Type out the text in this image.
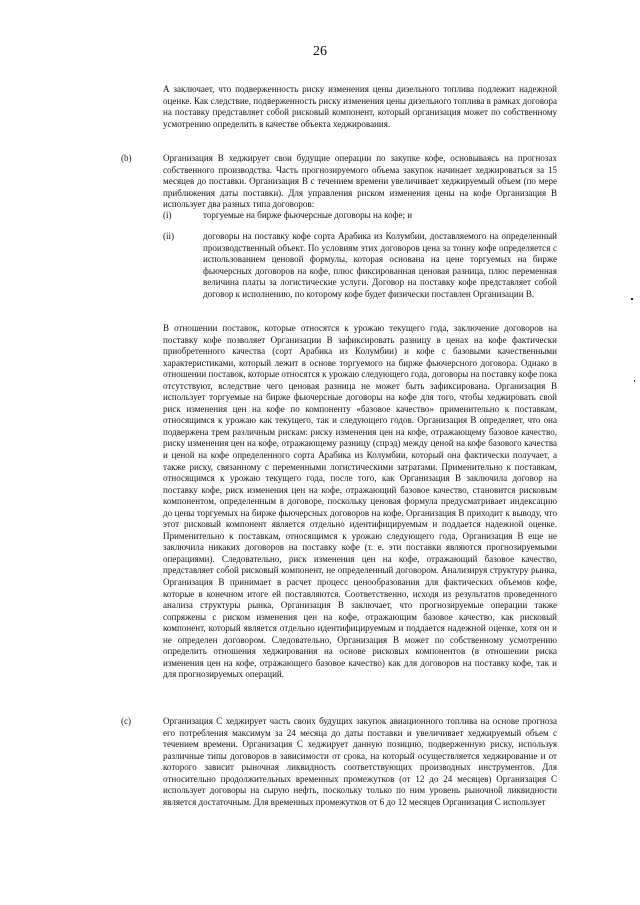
26

А заключает, что подверженность риску изменения цены дизельного топлива подлежит надежной оценке. Как следствие, подверженность риску изменения цены дизельного топлива в рамках договора на поставку представляет собой рисковый компонент, который организация может по собственному усмотрению определить в качестве объекта хеджирования.

(b)	Организация В хеджирует свои будущие операции по закупке кофе, основываясь на прогнозах собственного производства. Часть прогнозируемого объема закупок начинает хеджироваться за 15 месяцев до поставки. Организация В с течением времени увеличивает хеджируемый объем (по мере приближения даты поставки). Для управления риском изменения цены на кофе Организация В использует два разных типа договоров:

(i)	торгуемые на бирже фьючерсные договоры на кофе; и

(ii)	договоры на поставку кофе сорта Арабика из Колумбии, доставляемого на определенный производственный объект. По условиям этих договоров цена за тонну кофе определяется с использованием ценовой формулы, которая основана на цене торгуемых на бирже фьючерсных договоров на кофе, плюс фиксированная ценовая разница, плюс переменная величина платы за логистические услуги. Договор на поставку кофе представляет собой договор к исполнению, по которому кофе будет физически поставлен Организации В.

В отношении поставок, которые относятся к урожаю текущего года, заключение договоров на поставку кофе позволяет Организации В зафиксировать разницу в ценах на кофе фактически приобретенного качества (сорт Арабика из Колумбии) и кофе с базовыми качественными характеристиками, который лежит в основе торгуемого на бирже фьючерсного договора. Однако в отношении поставок, которые относятся к урожаю следующего года, договоры на поставку кофе пока отсутствуют, вследствие чего ценовая разница не может быть зафиксирована. Организация В использует торгуемые на бирже фьючерсные договоры на кофе для того, чтобы хеджировать свой риск изменения цен на кофе по компоненту «базовое качество» применительно к поставкам, относящимся к урожаю как текущего, так и следующего годов. Организация В определяет, что она подвержена трем различным рискам: риску изменения цен на кофе, отражающему базовое качество, риску изменения цен на кофе, отражающему разницу (спрэд) между ценой на кофе базового качества и ценой на кофе определенного сорта Арабика из Колумбии, который она фактически получает, а также риску, связанному с переменными логистическими затратами. Применительно к поставкам, относящимся к урожаю текущего года, после того, как Организация В заключила договор на поставку кофе, риск изменения цен на кофе, отражающий базовое качество, становится рисковым компонентом, определенным в договоре, поскольку ценовая формула предусматривает индексацию до цены торгуемых на бирже фьючерсных договоров на кофе. Организация В приходит к выводу, что этот рисковый компонент является отдельно идентифицируемым и поддается надежной оценке. Применительно к поставкам, относящимся к урожаю следующего года, Организация В еще не заключила никаких договоров на поставку кофе (т. е. эти поставки являются прогнозируемыми операциями). Следовательно, риск изменения цен на кофе, отражающий базовое качество, представляет собой рисковый компонент, не определенный договором. Анализируя структуру рынка, Организация В принимает в расчет процесс ценообразования для фактических объемов кофе, которые в конечном итоге ей поставляются. Соответственно, исходя из результатов проведенного анализа структуры рынка, Организация В заключает, что прогнозируемые операции также сопряжены с риском изменения цен на кофе, отражающим базовое качество, как рисковый компонент, который является отдельно идентифицируемым и поддается надежной оценке, хотя он и не определен договором. Следовательно, Организация В может по собственному усмотрению определить отношения хеджирования на основе рисковых компонентов (в отношении риска изменения цен на кофе, отражающего базовое качество) как для договоров на поставку кофе, так и для прогнозируемых операций.

(c)	Организация С хеджирует часть своих будущих закупок авиационного топлива на основе прогноза его потребления максимум за 24 месяца до даты поставки и увеличивает хеджируемый объем с течением времени. Организация С хеджирует данную позицию, подверженную риску, используя различные типы договоров в зависимости от срока, на который осуществляется хеджирование и от которого зависит рыночная ликвидность соответствующих производных инструментов. Для относительно продолжительных временных промежутков (от 12 до 24 месяцев) Организация С использует договоры на сырую нефть, поскольку только по ним уровень рыночной ликвидности является достаточным. Для временных промежутков от 6 до 12 месяцев Организация С использует
